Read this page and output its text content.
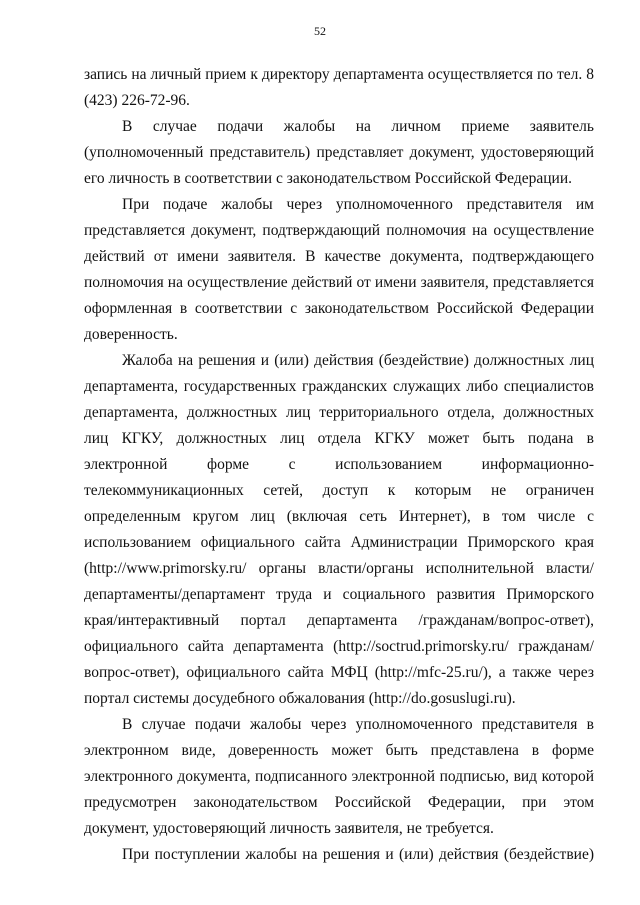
52

запись на личный прием к директору департамента осуществляется по тел. 8 (423) 226-72-96.

В случае подачи жалобы на личном приеме заявитель (уполномоченный представитель) представляет документ, удостоверяющий его личность в соответствии с законодательством Российской Федерации.

При подаче жалобы через уполномоченного представителя им представляется документ, подтверждающий полномочия на осуществление действий от имени заявителя. В качестве документа, подтверждающего полномочия на осуществление действий от имени заявителя, представляется оформленная в соответствии с законодательством Российской Федерации доверенность.

Жалоба на решения и (или) действия (бездействие) должностных лиц департамента, государственных гражданских служащих либо специалистов департамента, должностных лиц территориального отдела, должностных лиц КГКУ, должностных лиц отдела КГКУ может быть подана в электронной форме с использованием информационно-телекоммуникационных сетей, доступ к которым не ограничен определенным кругом лиц (включая сеть Интернет), в том числе с использованием официального сайта Администрации Приморского края (http://www.primorsky.ru/ органы власти/органы исполнительной власти/департаменты/департамент труда и социального развития Приморского края/интерактивный портал департамента /гражданам/вопрос-ответ), официального сайта департамента (http://soctrud.primorsky.ru/ гражданам/вопрос-ответ), официального сайта МФЦ (http://mfc-25.ru/), а также через портал системы досудебного обжалования (http://do.gosuslugi.ru).

В случае подачи жалобы через уполномоченного представителя в электронном виде, доверенность может быть представлена в форме электронного документа, подписанного электронной подписью, вид которой предусмотрен законодательством Российской Федерации, при этом документ, удостоверяющий личность заявителя, не требуется.

При поступлении жалобы на решения и (или) действия (бездействие)
